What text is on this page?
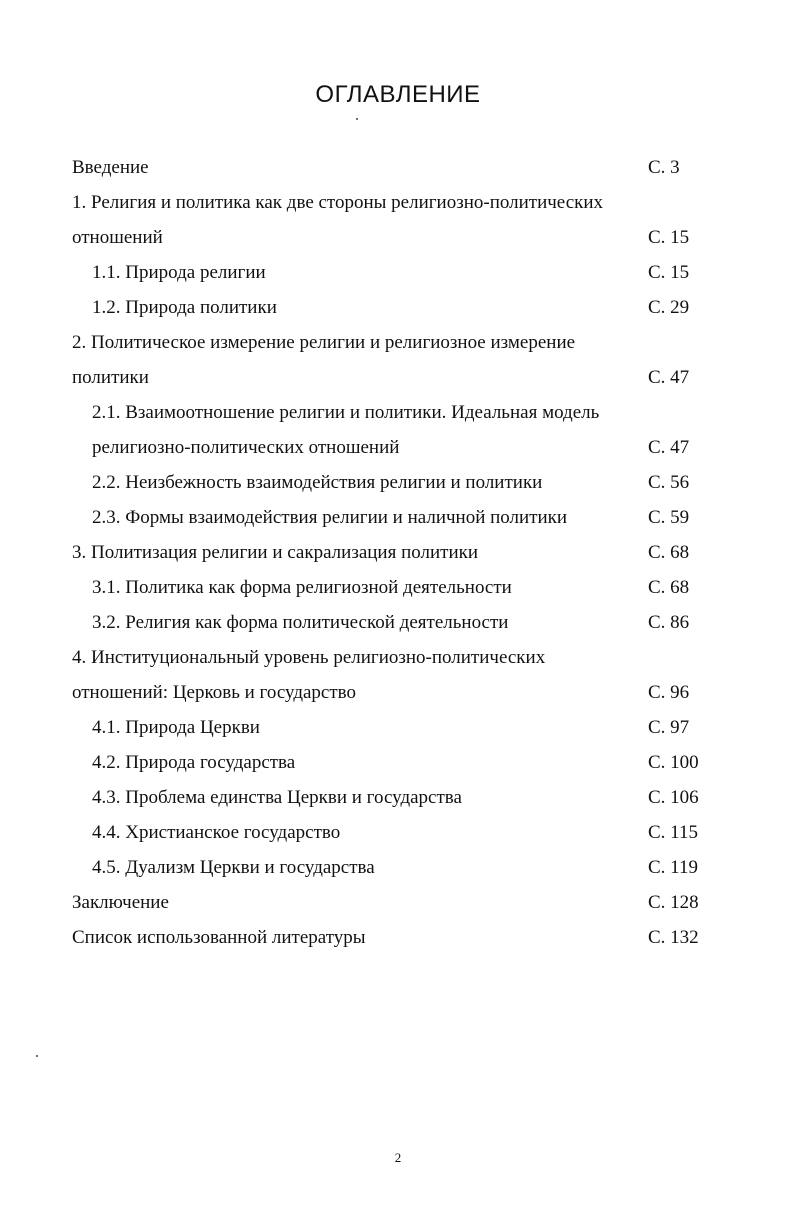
ОГЛАВЛЕНИЕ
Введение	С. 3
1. Религия и политика как две стороны религиозно-политических
отношений	С. 15
1.1. Природа религии	С. 15
1.2. Природа политики	С. 29
2. Политическое измерение религии и религиозное измерение
политики	С. 47
2.1. Взаимоотношение религии и политики. Идеальная модель
религиозно-политических отношений	С. 47
2.2. Неизбежность взаимодействия религии и политики	С. 56
2.3. Формы взаимодействия религии и наличной политики	С. 59
3. Политизация религии и сакрализация политики	С. 68
3.1. Политика как форма религиозной деятельности	С. 68
3.2. Религия как форма политической деятельности	С. 86
4. Институциональный уровень религиозно-политических
отношений: Церковь и государство	С. 96
4.1. Природа Церкви	С. 97
4.2. Природа государства	С. 100
4.3. Проблема единства Церкви и государства	С. 106
4.4. Христианское государство	С. 115
4.5. Дуализм Церкви и государства	С. 119
Заключение	С. 128
Список использованной литературы	С. 132
2
